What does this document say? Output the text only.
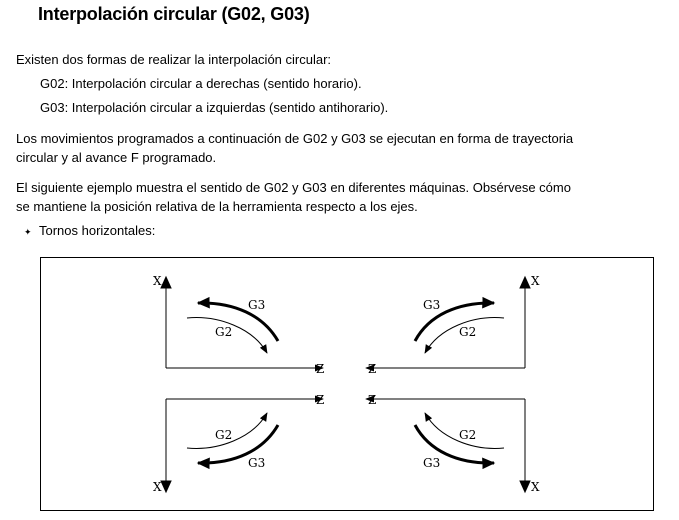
Interpolación circular (G02, G03)
Existen dos formas de realizar la interpolación circular:
G02: Interpolación circular a derechas (sentido horario).
G03: Interpolación circular a izquierdas (sentido antihorario).
Los movimientos programados a continuación de G02 y G03 se ejecutan en forma de trayectoria
circular y al avance F programado.
El siguiente ejemplo muestra el sentido de G02 y G03 en diferentes máquinas. Obsérvese cómo
se mantiene la posición relativa de la herramienta respecto a los ejes.
✦ Tornos horizontales:
X
Z
G3
G2
X
Z
G3
G2
X
Z
G3
G2
X
Z
G3
G2
